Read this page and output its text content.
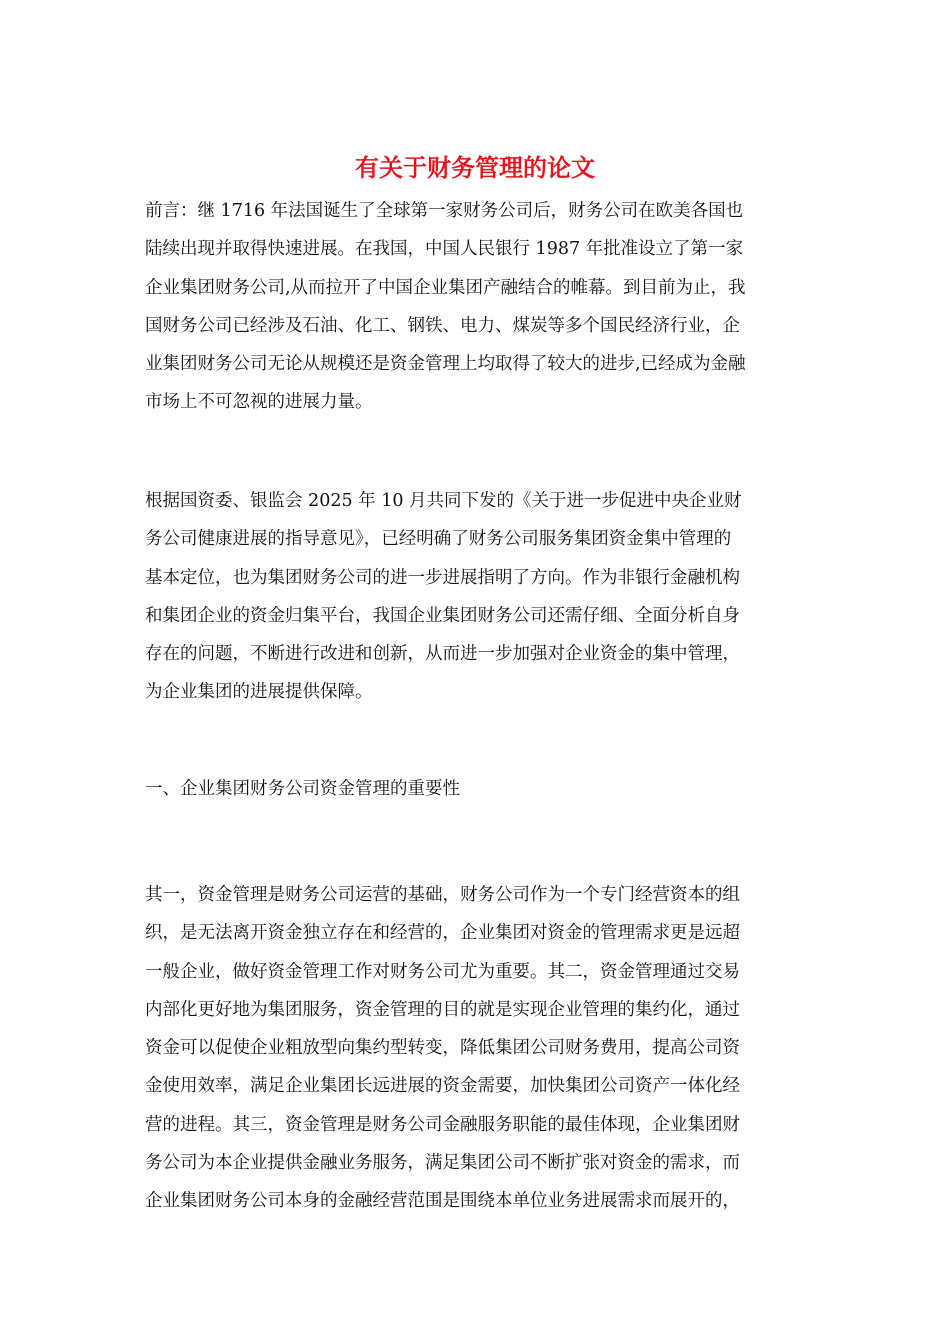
有关于财务管理的论文
前言：继 1716 年法国诞生了全球第一家财务公司后，财务公司在欧美各国也
陆续出现并取得快速进展。在我国，中国人民银行 1987 年批准设立了第一家
企业集团财务公司,从而拉开了中国企业集团产融结合的帷幕。到目前为止，我
国财务公司已经涉及石油、化工、钢铁、电力、煤炭等多个国民经济行业，企
业集团财务公司无论从规模还是资金管理上均取得了较大的进步,已经成为金融
市场上不可忽视的进展力量。
根据国资委、银监会 2025 年 10 月共同下发的《关于进一步促进中央企业财
务公司健康进展的指导意见》，已经明确了财务公司服务集团资金集中管理的
基本定位，也为集团财务公司的进一步进展指明了方向。作为非银行金融机构
和集团企业的资金归集平台，我国企业集团财务公司还需仔细、全面分析自身
存在的问题，不断进行改进和创新，从而进一步加强对企业资金的集中管理，
为企业集团的进展提供保障。
一、企业集团财务公司资金管理的重要性
其一，资金管理是财务公司运营的基础，财务公司作为一个专门经营资本的组
织，是无法离开资金独立存在和经营的，企业集团对资金的管理需求更是远超
一般企业，做好资金管理工作对财务公司尤为重要。其二，资金管理通过交易
内部化更好地为集团服务，资金管理的目的就是实现企业管理的集约化，通过
资金可以促使企业粗放型向集约型转变，降低集团公司财务费用，提高公司资
金使用效率，满足企业集团长远进展的资金需要，加快集团公司资产一体化经
营的进程。其三，资金管理是财务公司金融服务职能的最佳体现，企业集团财
务公司为本企业提供金融业务服务，满足集团公司不断扩张对资金的需求，而
企业集团财务公司本身的金融经营范围是围绕本单位业务进展需求而展开的，
